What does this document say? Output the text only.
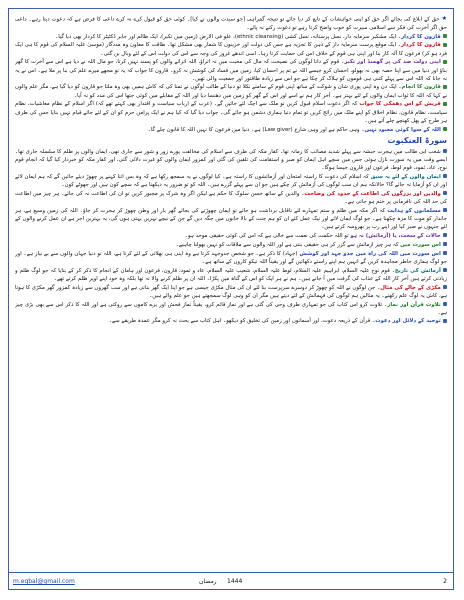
★حق کے ابلاغ کی بجائے اگر حق کو اپنی خواہشات کے تابع کر دیا جائے تو نتیجہ گمراہی [جو سیدت والوں نے کیا]۔ کوئی حق کو قبول کرے نہ کرے داعی کا فرض ہے کہ دعوت دیتا رہے۔ داعی حق اگر آخرت کی فکر سے اسلامی سیرت کو خوب واضح کرتا رہے تو دعوت رکنے نہ پائے۔
قارون کا کردار۔ ایک مشکبر سرمایہ دار، نسل پرستانہ، نسل کشی (ethnic cleansing)، علو فی الارض (زمین میں تکبر)، ایک ظالم اور جابر ڈکٹیٹر کا کردار بھی دیا گیا۔
قارون کا کردار۔ ایک موقع پرست سرمایہ دار کے ذہن کا تجزیہ ہے جس کی دولت اور خزینوں کا شمار بھی مشکل تھا۔ طاقت کا معاون وہ مددگار (موسیٰ علیہ السلام کی قوم کا ہی ایک فرد ہو کر) فرعون کا آلہ کار بنا اور اپنی ہی قوم کے خلاف اس کی حمایت کرتا رہا۔ اسی اندھے غرور کی وجہ سے اس کی دولت اس کے لئے وبال بن گئی۔
اپنی دولت ضد کی پر گھمنڈ اور تکبر۔ قوم کے دانا لوگوں کی نصیحت کہ مال کی محبت میں نہ اتراؤ، اللہ اترانے والوں کو پسند نہیں کرتا، جو مال اللہ نے دیا ہے اس سے آخرت کا گھر بناؤ اور دنیا میں سے اپنا حصہ بھی نہ بھولو، احسان کرو جیسے اللہ نے تم پر احسان کیا، زمین میں فساد کی کوشش نہ کرو۔ قارون کا جواب کہ یہ تو مجھے میرے علم کی بنا پر ملا ہے۔ اس نے یہ نہ جانا کہ اللہ اس سے پہلے کتنی ہی قوموں کو ہلاک کر چکا ہے جو اس سے زیادہ طاقتور اور جمعیت والی تھیں۔
قارون کا انجام۔ ایک دن وہ اپنی پوری شان و شوکت کے ساتھ اپنی قوم کے سامنے نکلا تو دنیا کے طالب لوگوں نے تمنا کی کہ کاش ہمیں بھی وہ ملتا جو قارون کو دیا گیا ہے، مگر علم والوں نے کہا کہ اللہ کا ثواب ایمان والوں کے لئے بہتر ہے۔ آخر کار ہم نے اسے اور اس کے گھر کو زمین میں دھنسا دیا اور اللہ کے مقابلے میں کوئی جتھا اس کی مدد کو نہ آیا۔
قریش کو اس دھمکی کا جواب کہ اگر دعوت اسلام قبول کریں تو ملک سے اچک لئے جائیں گے۔ (عرب کے ارباب سیاست و اقتدار بھی کہتے تھے کہ) اگر اسلام کے نظام معاشیات، نظام سیاست، نظام قانون، نظام اخلاق کو اپنے ملک میں رائج کریں تو تمام دنیا ہماری دشمن ہو جائے گی۔ جواب دیا گیا کہ کیا ہم نے ایک پرامن حرم کو ان کے لئے جائے قیام نہیں بنایا جس کی طرف ہر طرح کے پھل کھنچے چلے آتے ہیں۔
اللہ کے سوا کوئی معبود نہیں۔ وہی حاکم ہے اور وہی شارع (Law giver) ہے۔ دنیا میں فرعون کا نہیں اللہ کا قانون چلے گا۔
سورۃ العنکبوت
شعب ابی طالب میں ہجرت حبشہ سے پہلے شدید مصائب کا زمانہ تھا۔ کفار مکہ کی طرف سے اسلام کی مخالفت پورے زور و شور سے جاری تھی، ایمان والوں پر ظلم کا سلسلہ جاری تھا۔ ایسے وقت میں یہ سورت نازل ہوئی جس میں سچے اہل ایمان کو صبر و استقامت کی تلقین کی گئی اور کمزور ایمان والوں کو غیرت دلائی گئی، اور کفار مکہ کو خبردار کیا گیا کہ انجام قوم نوح، عاد، ثمود، قوم لوط، فرعون اور قارون جیسا ہوگا۔
ایمان والوں کے لئے یہ سبق کہ اسلام کی دعوت کا راستہ امتحان اور آزمائشوں کا راستہ ہے۔ کیا لوگوں نے یہ سمجھ رکھا ہے کہ وہ بس اتنا کہنے پر چھوڑ دیئے جائیں گے کہ ہم ایمان لائے اور ان کو آزمایا نہ جائے گا؟ حالانکہ ہم ان سب لوگوں کی آزمائش کر چکے ہیں جو ان سے پہلے گزرے ہیں۔ اللہ کو تو ضرور یہ دیکھنا ہے کہ سچے کون ہیں اور جھوٹے کون۔
والدین اور بزرگوں کی اطاعت کے حدود کی وضاحت۔ والدین کے ساتھ حسن سلوک کا حکم ہے لیکن اگر وہ شرک پر مجبور کریں تو ان کی اطاعت نہ کی جائے۔ ہر چیز میں اطاعت کی حد اللہ کی نافرمانی پر ختم ہو جاتی ہے۔
مسلمانوں کو ہدایت کہ اگر مکہ میں ظلم و ستم تمہارے لئے ناقابل برداشت ہو جائے تو ایمان چھوڑنے کی بجائے گھر بار اور وطن چھوڑ کر ہجرت کر جاؤ۔ اللہ کی زمین وسیع ہے، ہر جاندار کو موت کا مزہ چکھنا ہے۔ جو لوگ ایمان لائے اور نیک عمل کئے ان کو ہم جنت کے بالا خانوں میں جگہ دیں گے جن کے نیچے نہریں بہتی ہوں گی، یہ بہترین اجر ہے ان عمل کرنے والوں کے لئے جنہوں نے صبر کیا اور اپنے رب پر بھروسہ کرتے ہیں۔
حالات کے سخت، یا (آزمائش) نہ ہو تو اللہ حکمت کی نعمت سے خالی ہے کہ اس کی کوئی حقیقی موحد ہو۔
اس سورت میں کہ ہر چیز ازمائش سے گزر کر ہی حقیقی بنتی ہے اور اللہ والوں سے ملاقات کو نہیں بھولنا چاہیے۔
اس سورت میں اللہ کی راہ میں جدو جہد اور کوشش (جہاد) کا ذکر ہے۔ جو شخص جدوجہد کرتا ہے وہ اپنی ہی بھلائی کے لئے کرتا ہے، اللہ تو دنیا جہان والوں سے بے نیاز ہے۔ اور جو لوگ ہماری خاطر مجاہدہ کریں گے انہیں ہم اپنے راستے دکھائیں گے اور یقیناً اللہ نیکو کاروں کے ساتھ ہے۔
آزمائش کی تاریخ۔ قوم نوح علیہ السلام، ابراہیم علیہ السلام، لوط علیہ السلام، شعیب علیہ السلام، عاد و ثمود، قارون، فرعون اور ہامان کے انجام کا ذکر کر کے بتایا کہ جو لوگ ظلم و زیادتی کرتے ہیں آخر کار اللہ کے عذاب کی گرفت میں آ جاتے ہیں۔ ہم نے ہر ایک کو اس کے گناہ میں پکڑا۔ اللہ ان پر ظلم کرنے والا نہ تھا بلکہ وہ خود اپنے اوپر ظلم کرتے تھے۔
مکڑی کے جالے کی مثال۔ جن لوگوں نے اللہ کو چھوڑ کر دوسرے سرپرست بنا لئے ان کی مثال مکڑی جیسی ہے جو اپنا ایک گھر بناتی ہے اور سب گھروں سے زیادہ کمزور گھر مکڑی کا ہوتا ہے، کاش یہ لوگ علم رکھتے۔ یہ مثالیں ہم لوگوں کی فہمائش کے لئے دیتے ہیں مگر ان کو وہی لوگ سمجھتے ہیں جو علم والے ہیں۔
تلاوت قرآن اور نماز۔ تلاوت کرو اس کتاب کی جو تمہاری طرف وحی کی گئی ہے اور نماز قائم کرو، یقیناً نماز فحش اور برے کاموں سے روکتی ہے اور اللہ کا ذکر اس سے بھی بڑی چیز ہے۔
توحید کے دلائل اور دعوت۔ قرآن کے ذریعہ دعوت، اور آسمانوں اور زمین کی تخلیق کو دیکھو۔ اہل کتاب سے بحث نہ کرو مگر عمدہ طریقے سے۔
m.eqbal@gmail.com	رمضان 1444	2
